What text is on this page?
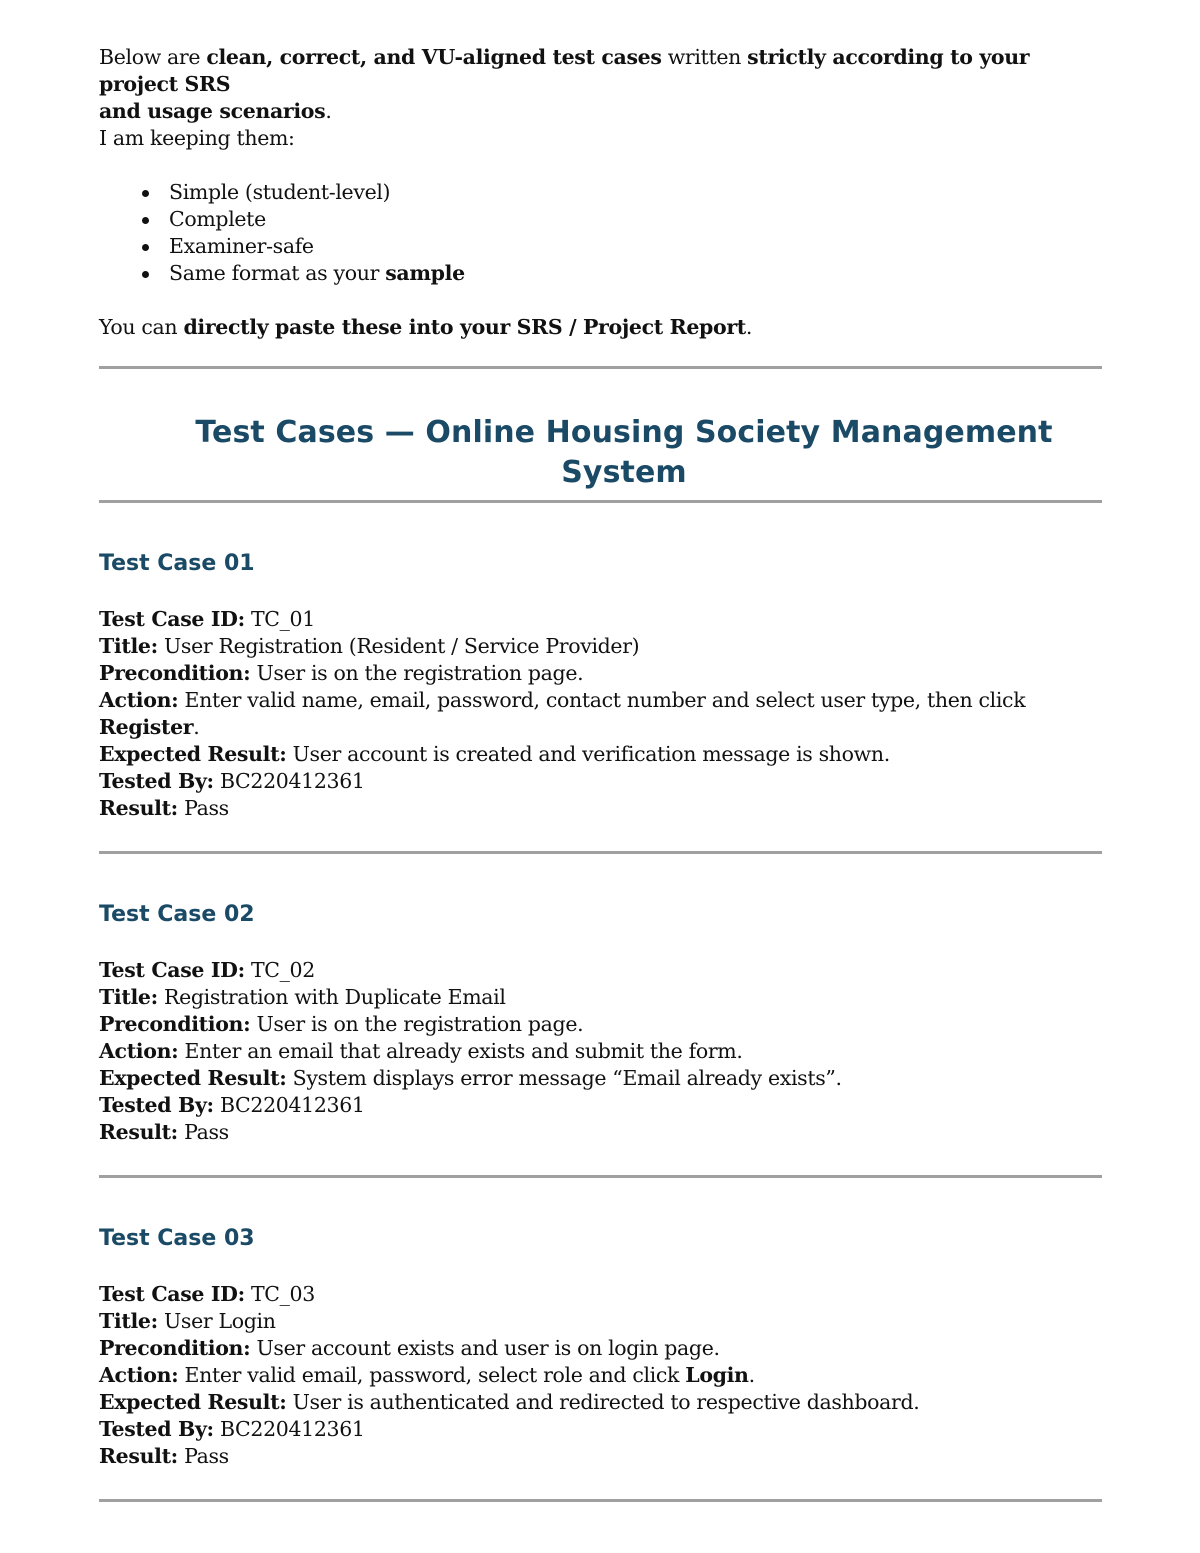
Below are clean, correct, and VU-aligned test cases written strictly according to your project SRS

and usage scenarios.

I am keeping them:

Simple (student-level)
Complete
Examiner-safe
Same format as your sample

You can directly paste these into your SRS / Project Report.

Test Cases — Online Housing Society Management System
Test Case 01

Test Case ID: TC_01

Title: User Registration (Resident / Service Provider)

Precondition: User is on the registration page.

Action: Enter valid name, email, password, contact number and select user type, then click Register.

Expected Result: User account is created and verification message is shown.

Tested By: BC220412361

Result: Pass

Test Case 02

Test Case ID: TC_02

Title: Registration with Duplicate Email

Precondition: User is on the registration page.

Action: Enter an email that already exists and submit the form.

Expected Result: System displays error message “Email already exists”.

Tested By: BC220412361

Result: Pass

Test Case 03

Test Case ID: TC_03

Title: User Login

Precondition: User account exists and user is on login page.

Action: Enter valid email, password, select role and click Login.

Expected Result: User is authenticated and redirected to respective dashboard.

Tested By: BC220412361

Result: Pass
